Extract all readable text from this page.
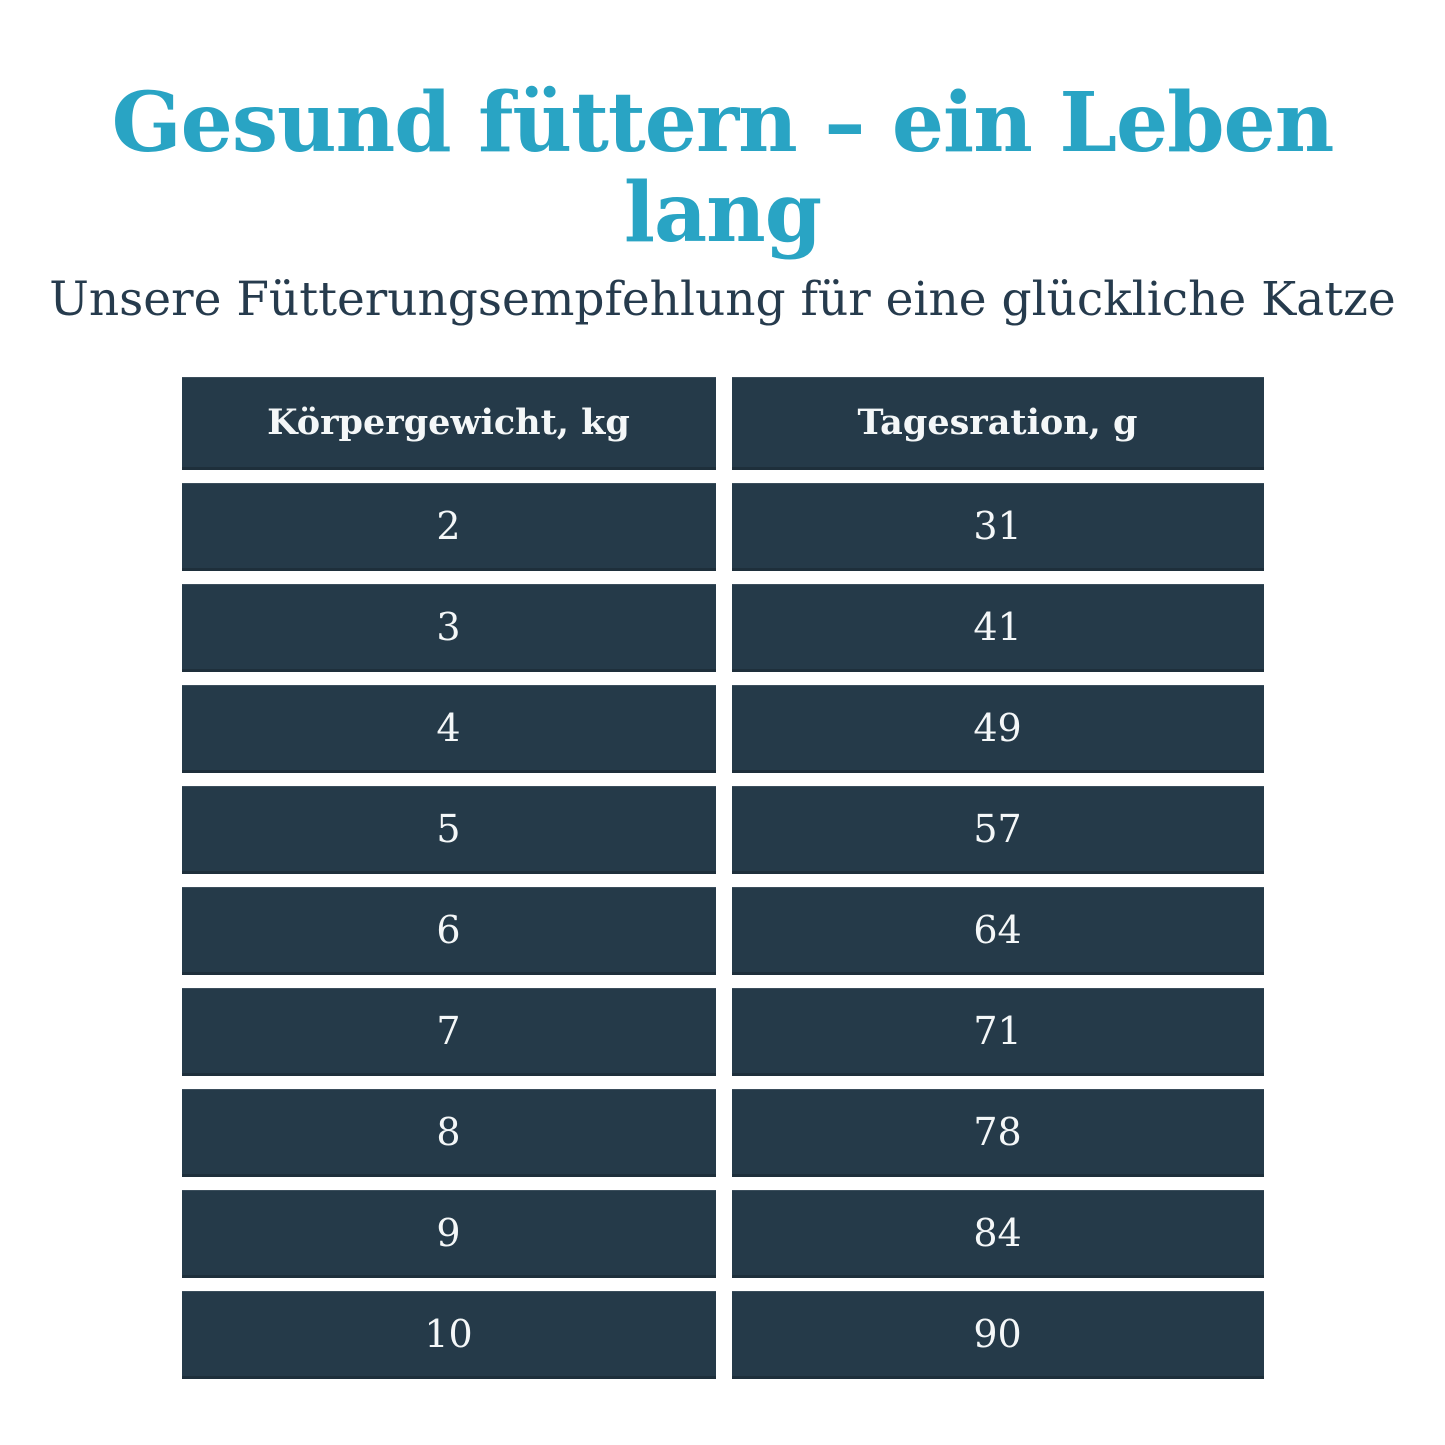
Gesund füttern – ein Leben lang
Unsere Fütterungsempfehlung für eine glückliche Katze
Körpergewicht, kg	Tagesration, g
2	31
3	41
4	49
5	57
6	64
7	71
8	78
9	84
10	90
